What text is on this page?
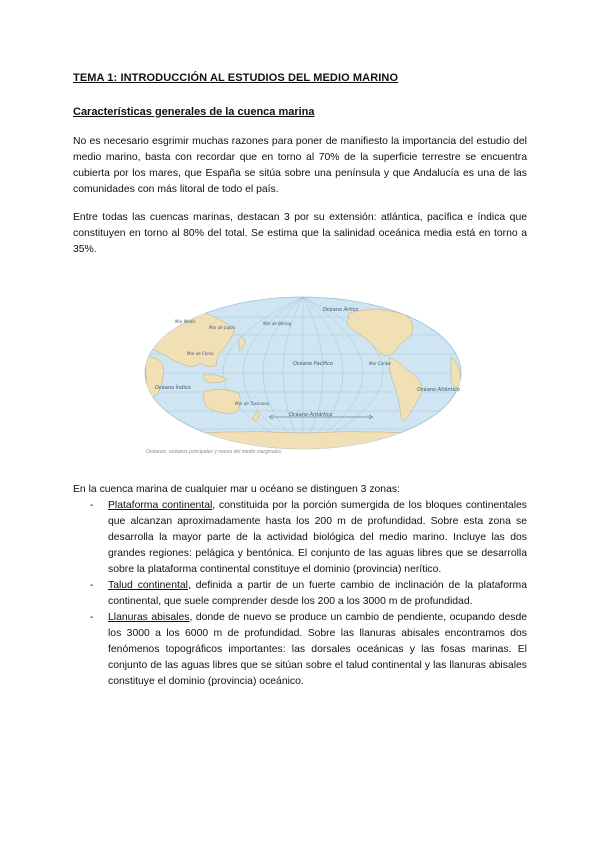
TEMA 1: INTRODUCCIÓN AL ESTUDIOS DEL MEDIO MARINO
Características generales de la cuenca marina
No es necesario esgrimir muchas razones para poner de manifiesto la importancia del estudio del medio marino, basta con recordar que en torno al 70% de la superficie terrestre se encuentra cubierta por los mares, que España se sitúa sobre una península y que Andalucía es una de las comunidades con más litoral de todo el país.
Entre todas las cuencas marinas, destacan 3 por su extensión: atlántica, pacífica e índica que constituyen en torno al 80% del total. Se estima que la salinidad oceánica media está en torno a 35%.
Océano Ártico
Océano Pacífico
Océano Atlántico
Océano Índico
Océano Antártico
Mar Caribe
Mar Medit.
Mar de Japón
Mar de China
Mar de Tasmania
Mar de Bering
Océanos, océanos principales y mares del medio marginales.
En la cuenca marina de cualquier mar u océano se distinguen 3 zonas:
- Plataforma continental, constituida por la porción sumergida de los bloques continentales que alcanzan aproximadamente hasta los 200 m de profundidad. Sobre esta zona se desarrolla la mayor parte de la actividad biológica del medio marino. Incluye las dos grandes regiones: pelágica y bentónica. El conjunto de las aguas libres que se desarrolla sobre la plataforma continental constituye el dominio (provincia) nerítico.
- Talud continental, definida a partir de un fuerte cambio de inclinación de la plataforma continental, que suele comprender desde los 200 a los 3000 m de profundidad.
- Llanuras abisales, donde de nuevo se produce un cambio de pendiente, ocupando desde los 3000 a los 6000 m de profundidad. Sobre las llanuras abisales encontramos dos fenómenos topográficos importantes: las dorsales oceánicas y las fosas marinas. El conjunto de las aguas libres que se sitúan sobre el talud continental y las llanuras abisales constituye el dominio (provincia) oceánico.
